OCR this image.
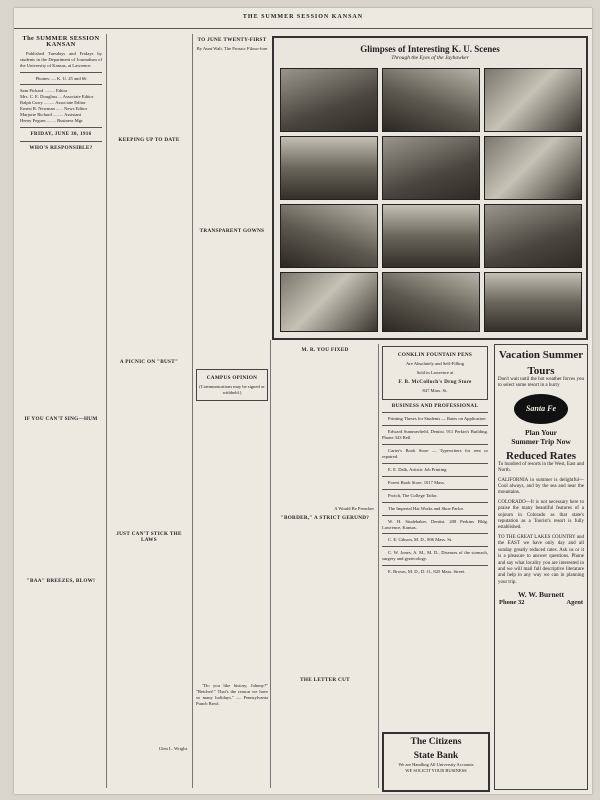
THE SUMMER SESSION KANSAN
The SUMMER SESSION KANSAN

Published Tuesdays and Fridays by students in the Department of Journalism of the University of Kansas, at Lawrence.

Phones: — K. U. 25 and 66

Sam Pickard ......... Editor
Mrs. C. E. Douglass ... Associate Editor
Ralph Curry ......... Associate Editor
Ernest R. Newman ...... News Editor
Marjorie Richard ......... Assistant
Henry Pegues ........ Business Mgr.
FRIDAY, JUNE 30, 1916
WHO'S RESPONSIBLE?

IF YOU CAN'T SING—HUM
"BAA" BREEZES, BLOW!
KEEPING UP TO DATE
A PICNIC ON "BUST"
JUST CAN'T STICK THE LAWS

Glen L. Wright.

TO JUNE TWENTY-FIRST

By Aunt Walt, The Prosaic Filoso-fore

TRANSPARENT GOWNS
CAMPUS OPINION

(Communications may be signed or withheld.)

"Do you like history, Johnny?" "Betcher!" That's the reason we have so many holidays." — Pennsylvania Punch Bowl.

Glimpses of Interesting K. U. Scenes
Through the Eyes of the Jayhawker
M. R. YOU FIXED

A Would Be Preacher

"BORDER," A STRICT GERUND?
THE LETTER CUT
CONKLIN FOUNTAIN PENS

Are Absolutely and Self-Filling

Sold in Lawrence at

F. B. McColloch's Drug Store

847 Mass. St.

BUSINESS AND PROFESSIONAL

Printing Theses for Students — Rates on Application

Edward Summerfield, Dentist. 911 Perkin's Building. Phone 343 Bell.

Carter's Book Store — Typewriters for rent or repaired.

E. E. Dalk, Artistic Job Printing

Forest Book Store, 1017 Mass.

Protch, The College Tailor.

The Imperial Hat Works and Shoe Parlor.

W. H. Studebaker, Dentist. 208 Perkins Bldg. Lawrence, Kansas.

C. E. Gibson, M. D., 806 Mass. St.

C. W. Jones, A. M., M. D., Diseases of the stomach, surgery and gynecology.

E. Brown, M. D., D. O., 825 Mass. Street.

The Citizens
State Bank
We are Handling All University Accounts
WE SOLICIT YOUR BUSINESS
Vacation Summer
Tours
Don't wait until the hot weather forces you to select some resort in a hurry
Santa Fe
Plan Your
Summer Trip Now
Reduced Rates
To hundred of resorts in the West, East and North.
CALIFORNIA in summer is delightful—Cool always, and by the sea and near the mountains.
COLORADO—It is not necessary here to praise the many beautiful features of a sojourn in Colorado as that state's reputation as a Tourist's resort is fully established.
TO THE GREAT LAKES COUNTRY and the EAST we have only day and all sunday greatly reduced rates. Ask us or it is a pleasure to answer questions. Phone and say what locality you are interested in and we will mail full descriptive literature and help in any way we can in planning your trip.
W. W. Burnett
Phone 32	Agent
